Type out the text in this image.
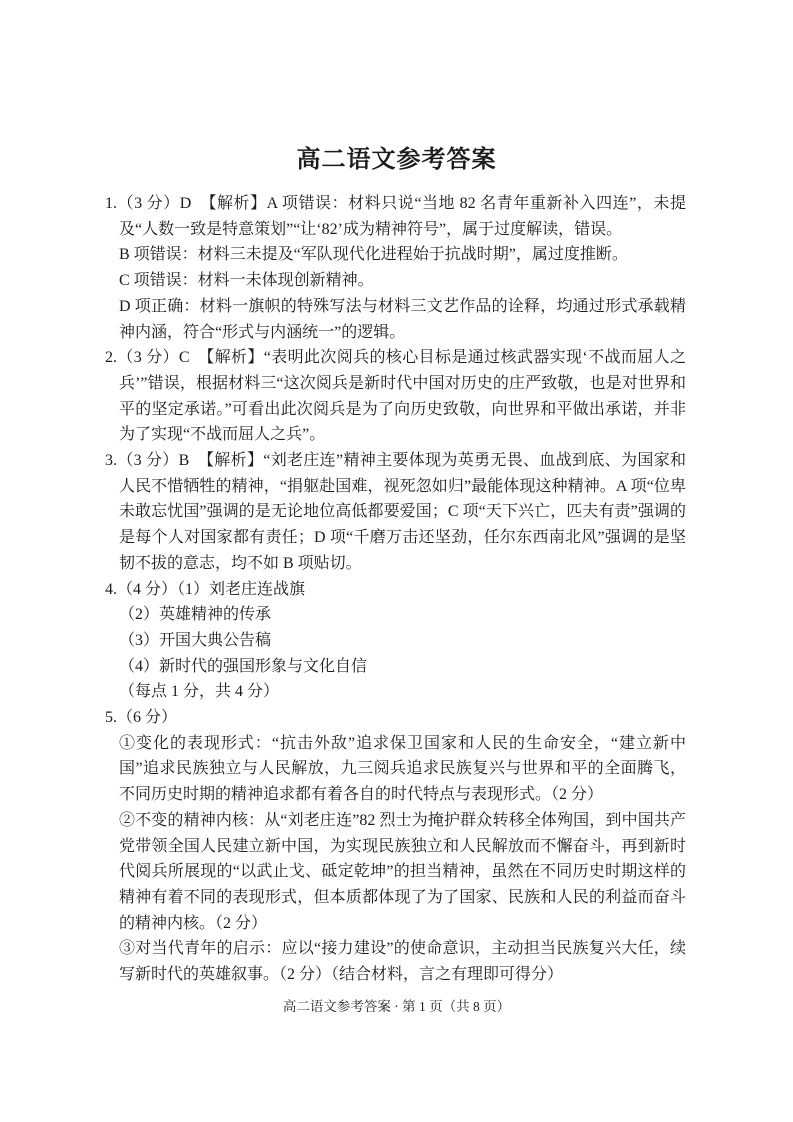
高二语文参考答案

1.（3 分）D　【解析】A 项错误：材料只说“当地 82 名青年重新补入四连”，未提及“人数一致是特意策划”“让‘82’成为精神符号”，属于过度解读，错误。

B 项错误：材料三未提及“军队现代化进程始于抗战时期”，属过度推断。

C 项错误：材料一未体现创新精神。

D 项正确：材料一旗帜的特殊写法与材料三文艺作品的诠释，均通过形式承载精神内涵，符合“形式与内涵统一”的逻辑。

2.（3 分）C　【解析】“表明此次阅兵的核心目标是通过核武器实现‘不战而屈人之兵’”错误，根据材料三“这次阅兵是新时代中国对历史的庄严致敬，也是对世界和平的坚定承诺。”可看出此次阅兵是为了向历史致敬，向世界和平做出承诺，并非为了实现“不战而屈人之兵”。

3.（3 分）B　【解析】“刘老庄连”精神主要体现为英勇无畏、血战到底、为国家和人民不惜牺牲的精神，“捐躯赴国难，视死忽如归”最能体现这种精神。A 项“位卑未敢忘忧国”强调的是无论地位高低都要爱国；C 项“天下兴亡，匹夫有责”强调的是每个人对国家都有责任；D 项“千磨万击还坚劲，任尔东西南北风”强调的是坚韧不拔的意志，均不如 B 项贴切。

4.（4 分）（1）刘老庄连战旗

（2）英雄精神的传承

（3）开国大典公告稿

（4）新时代的强国形象与文化自信

（每点 1 分，共 4 分）

5.（6 分）

①变化的表现形式：“抗击外敌”追求保卫国家和人民的生命安全，“建立新中国”追求民族独立与人民解放，九三阅兵追求民族复兴与世界和平的全面腾飞，不同历史时期的精神追求都有着各自的时代特点与表现形式。（2 分）

②不变的精神内核：从“刘老庄连”82 烈士为掩护群众转移全体殉国，到中国共产党带领全国人民建立新中国，为实现民族独立和人民解放而不懈奋斗，再到新时代阅兵所展现的“以武止戈、砥定乾坤”的担当精神，虽然在不同历史时期这样的精神有着不同的表现形式，但本质都体现了为了国家、民族和人民的利益而奋斗的精神内核。（2 分）

③对当代青年的启示：应以“接力建设”的使命意识，主动担当民族复兴大任，续写新时代的英雄叙事。（2 分）（结合材料，言之有理即可得分）

高二语文参考答案 · 第 1 页（共 8 页）
